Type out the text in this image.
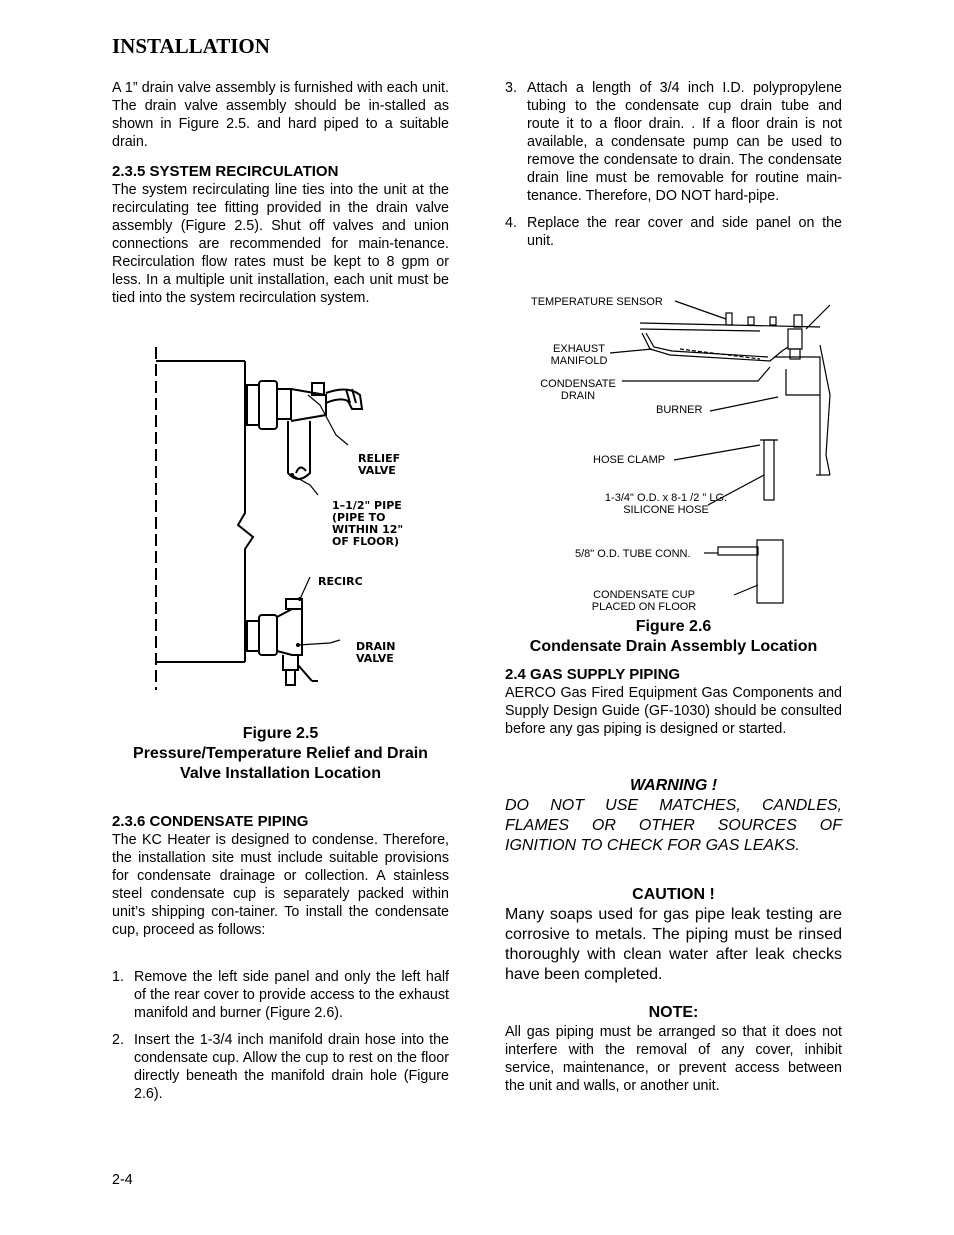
INSTALLATION

A 1” drain valve assembly is furnished with each unit. The drain valve assembly should be in-stalled as shown in Figure 2.5. and hard piped to a suitable drain.

2.3.5 SYSTEM RECIRCULATION

The system recirculating line ties into the unit at the recirculating tee fitting provided in the drain valve assembly (Figure 2.5). Shut off valves and union connections are recommended for main-tenance. Recirculation flow rates must be kept to 8 gpm or less. In a multiple unit installation, each unit must be tied into the system recirculation system.

RELIEF
VALVE
1–1/2" PIPE
(PIPE TO
WITHIN 12"
OF FLOOR)
RECIRC
DRAIN
VALVE
Figure 2.5
Pressure/Temperature Relief and Drain
Valve Installation Location

2.3.6 CONDENSATE PIPING

The KC Heater is designed to condense. Therefore, the installation site must include suitable provisions for condensate drainage or collection. A stainless steel condensate cup is separately packed within unit’s shipping con-tainer. To install the condensate cup, proceed as follows:

1. Remove the left side panel and only the left half of the rear cover to provide access to the exhaust manifold and burner (Figure 2.6).

2. Insert the 1-3/4 inch manifold drain hose into the condensate cup. Allow the cup to rest on the floor directly beneath the manifold drain hole (Figure 2.6).

2-4
3. Attach a length of 3/4 inch I.D. polypropylene tubing to the condensate cup drain tube and route it to a floor drain. . If a floor drain is not available, a condensate pump can be used to remove the condensate to drain. The condensate drain line must be removable for routine main-tenance. Therefore, DO NOT hard-pipe.

4. Replace the rear cover and side panel on the unit.

TEMPERATURE SENSOR
EXHAUST
MANIFOLD
CONDENSATE
DRAIN
BURNER
HOSE CLAMP
1-3/4" O.D. x 8-1 /2 " LG.
SILICONE HOSE
5/8" O.D. TUBE CONN.
CONDENSATE CUP
PLACED ON FLOOR
Figure 2.6
Condensate Drain Assembly Location

2.4 GAS SUPPLY PIPING

AERCO Gas Fired Equipment Gas Components and Supply Design Guide (GF-1030) should be consulted before any gas piping is designed or started.

WARNING !
DO NOT USE MATCHES, CANDLES, FLAMES OR OTHER SOURCES OF IGNITION TO CHECK FOR GAS LEAKS.
CAUTION !
Many soaps used for gas pipe leak testing are corrosive to metals. The piping must be rinsed thoroughly with clean water after leak checks have been completed.
NOTE:
All gas piping must be arranged so that it does not interfere with the removal of any cover, inhibit service, maintenance, or prevent access between the unit and walls, or another unit.
